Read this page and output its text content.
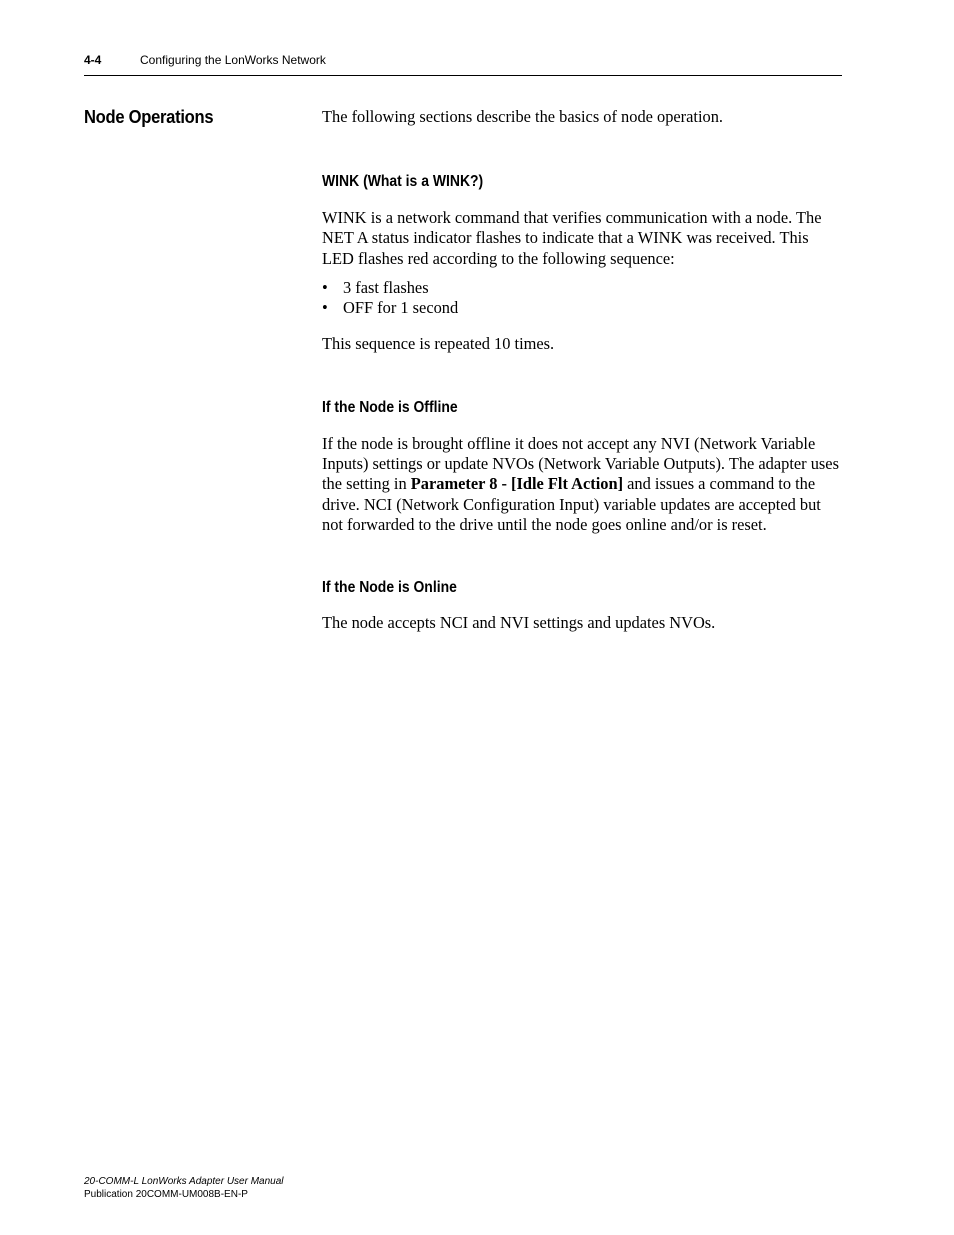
4-4	Configuring the LonWorks Network
Node Operations	The following sections describe the basics of node operation.

WINK (What is a WINK?)

WINK is a network command that verifies communication with a node. The NET A status indicator flashes to indicate that a WINK was received. This LED flashes red according to the following sequence:

• 3 fast flashes
• OFF for 1 second

This sequence is repeated 10 times.

If the Node is Offline

If the node is brought offline it does not accept any NVI (Network Variable Inputs) settings or update NVOs (Network Variable Outputs). The adapter uses the setting in Parameter 8 - [Idle Flt Action] and issues a command to the drive. NCI (Network Configuration Input) variable updates are accepted but not forwarded to the drive until the node goes online and/or is reset.

If the Node is Online

The node accepts NCI and NVI settings and updates NVOs.

20-COMM-L LonWorks Adapter User Manual
Publication 20COMM-UM008B-EN-P
